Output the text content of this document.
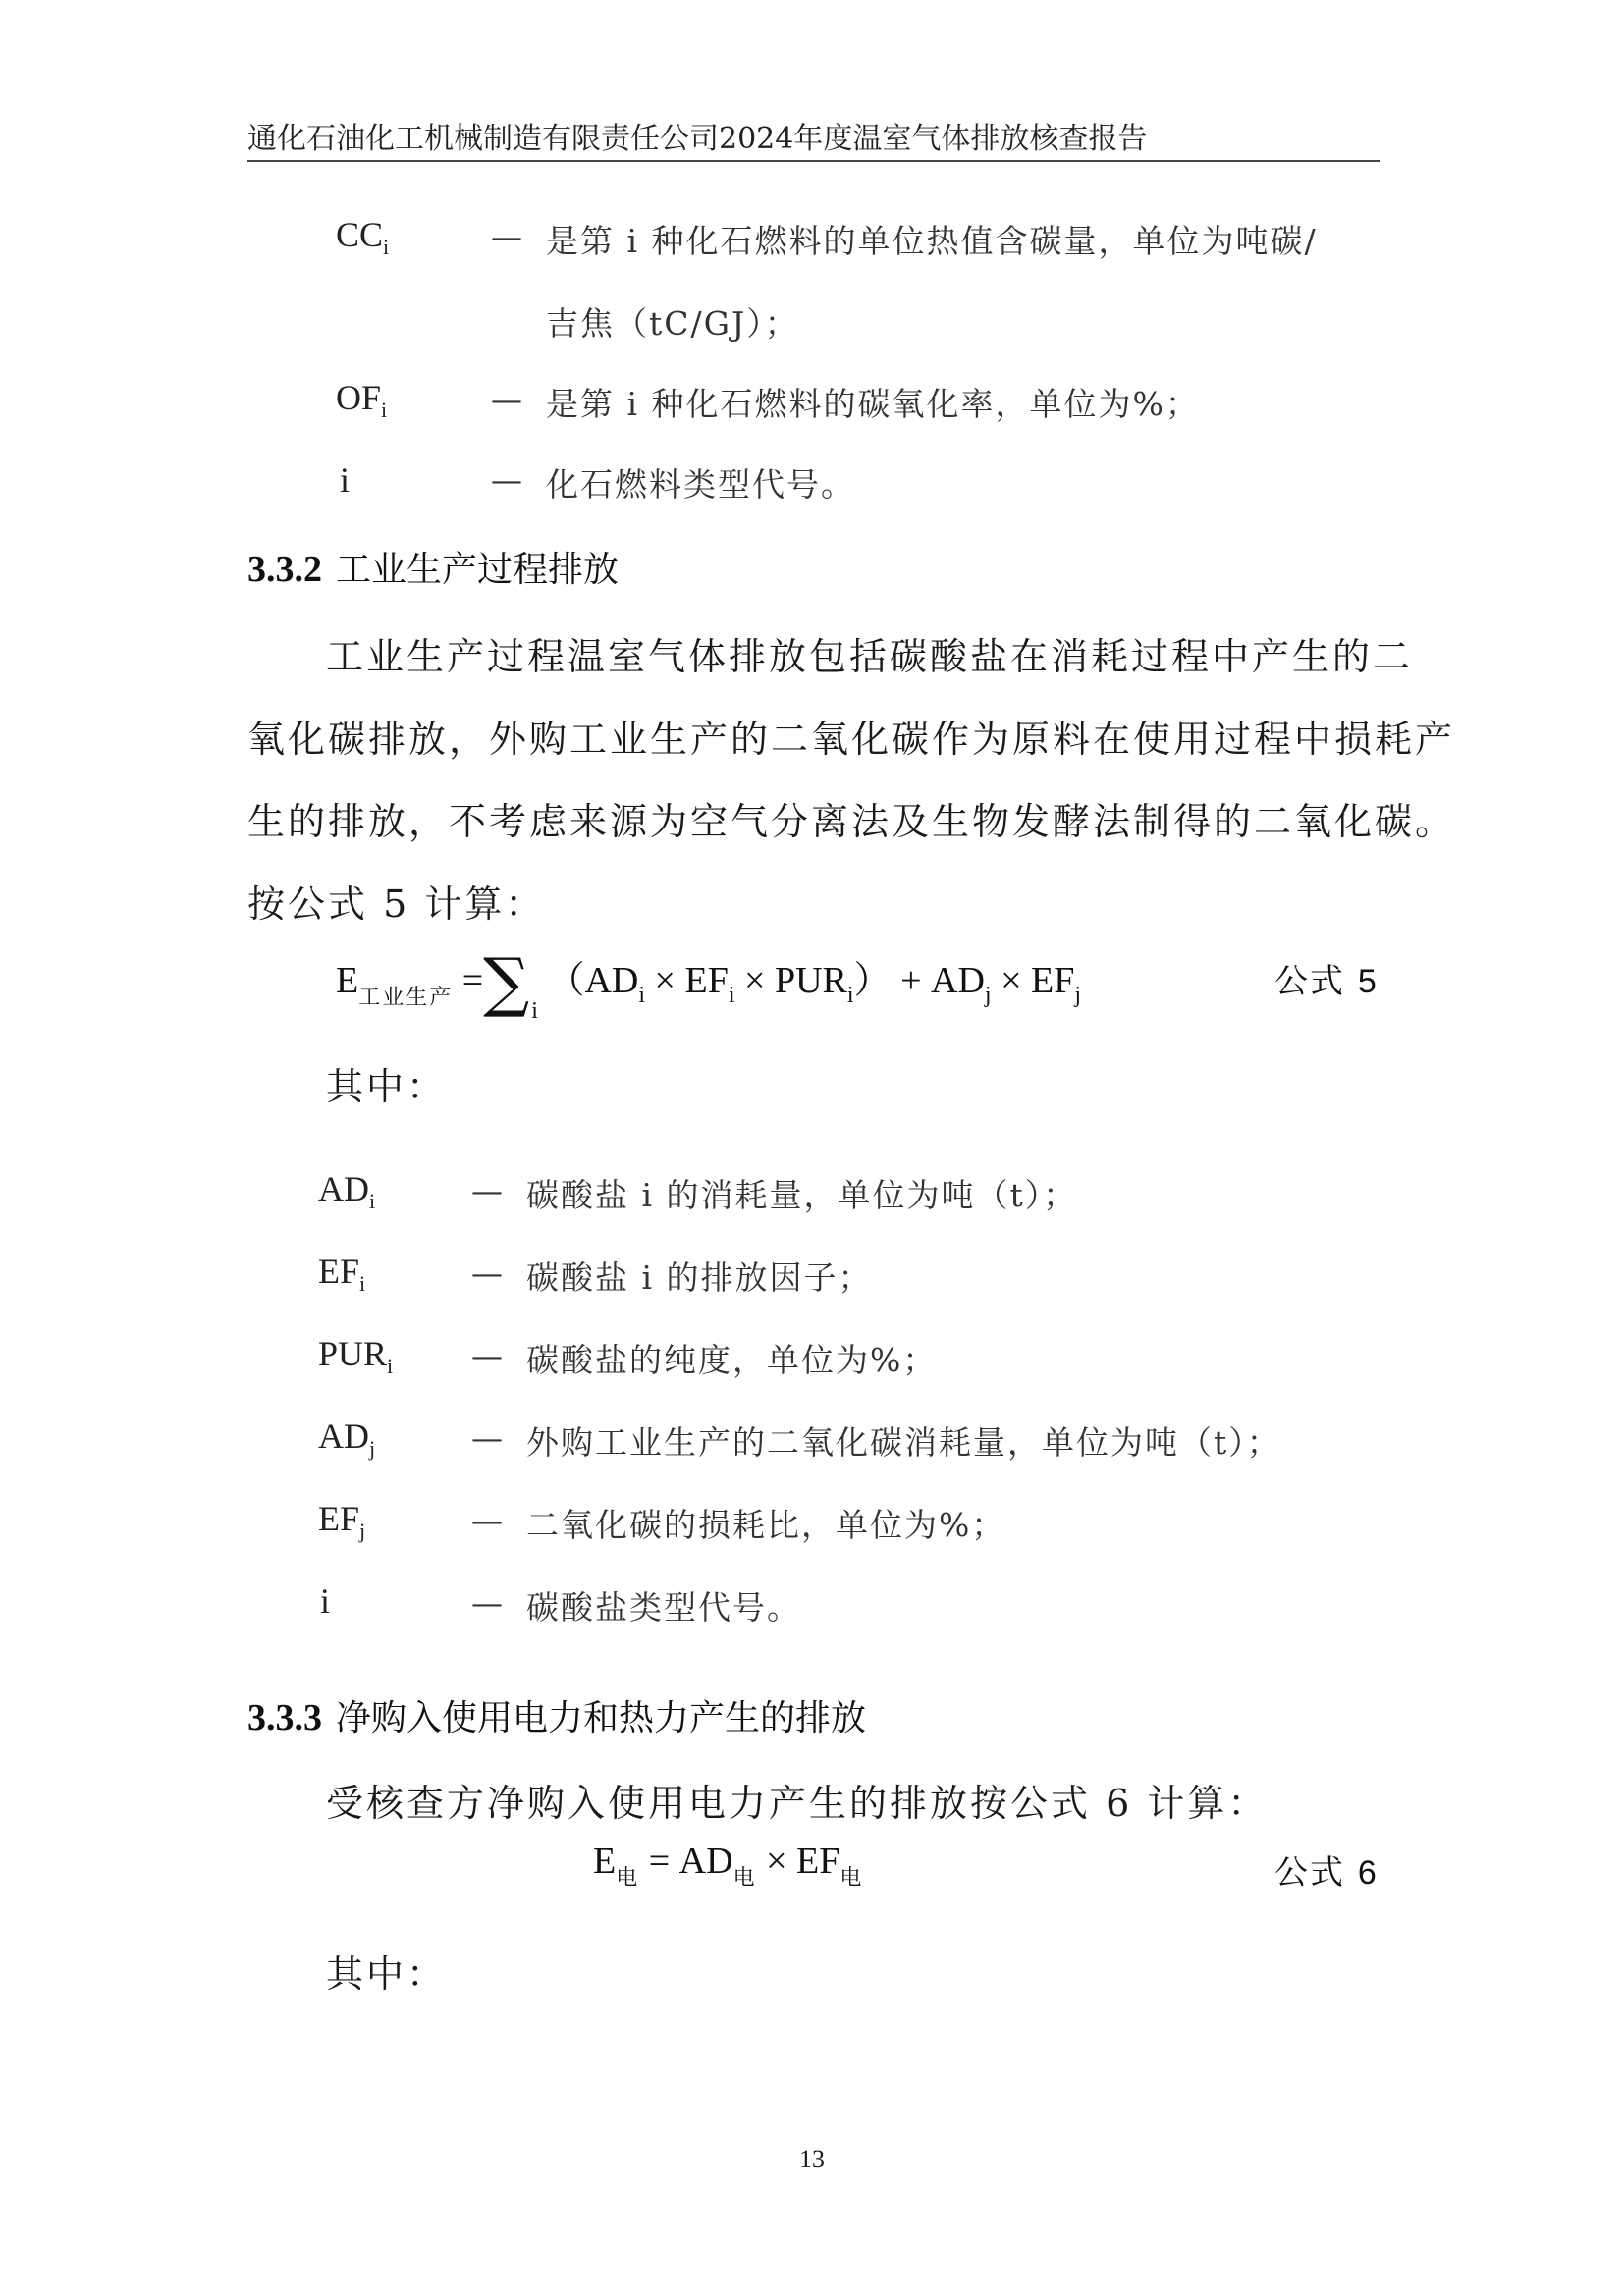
通化石油化工机械制造有限责任公司2024年度温室气体排放核查报告
$CC_i$	— 是第 i 种化石燃料的单位热值含碳量，单位为吨碳/
吉焦（tC/GJ）；
$OF_i$	— 是第 i 种化石燃料的碳氧化率，单位为%；
i	— 化石燃料类型代号。
3.3.2 工业生产过程排放
工业生产过程温室气体排放包括碳酸盐在消耗过程中产生的二
氧化碳排放，外购工业生产的二氧化碳作为原料在使用过程中损耗产
生的排放，不考虑来源为空气分离法及生物发酵法制得的二氧化碳。
按公式 5 计算：
$E_{工业生产} =\sum_i$ $(AD_i \times EF_i \times PUR_i) + AD_j \times EF_j$	公式 5
其中：
$AD_i$	— 碳酸盐 i 的消耗量，单位为吨（t）；
$EF_i$	— 碳酸盐 i 的排放因子；
$PUR_i$ — 碳酸盐的纯度，单位为%；
$AD_j$	— 外购工业生产的二氧化碳消耗量，单位为吨（t）；
$EF_j$	— 二氧化碳的损耗比，单位为%；
i	— 碳酸盐类型代号。
3.3.3 净购入使用电力和热力产生的排放
受核查方净购入使用电力产生的排放按公式 6 计算：
$E_电 = AD_电 \times EF_电$	公式 6
其中：
13
